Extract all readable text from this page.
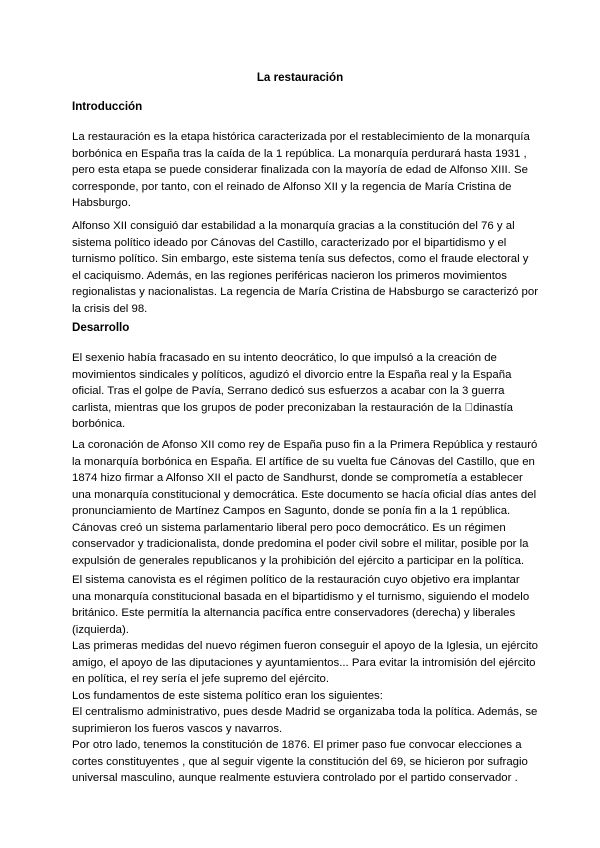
La restauración
Introducción
La restauración es la etapa histórica caracterizada por el restablecimiento de la monarquía
borbónica en España tras la caída de la 1 república. La monarquía perdurará hasta 1931 ,
pero esta etapa se puede considerar finalizada con la mayoría de edad de Alfonso XIII. Se
corresponde, por tanto, con el reinado de Alfonso XII y la regencia de María Cristina de
Habsburgo.
Alfonso XII consiguió dar estabilidad a la monarquía gracias a la constitución del 76 y al
sistema político ideado por Cánovas del Castillo, caracterizado por el bipartidismo y el
turnismo político. Sin embargo, este sistema tenía sus defectos, como el fraude electoral y
el caciquismo. Además, en las regiones periféricas nacieron los primeros movimientos
regionalistas y nacionalistas. La regencia de María Cristina de Habsburgo se caracterizó por
la crisis del 98.
Desarrollo
El sexenio había fracasado en su intento deocrático, lo que impulsó a la creación de
movimientos sindicales y políticos, agudizó el divorcio entre la España real y la España
oficial. Tras el golpe de Pavía, Serrano dedicó sus esfuerzos a acabar con la 3 guerra
carlista, mientras que los grupos de poder preconizaban la restauración de la  dinastía
borbónica.
La coronación de Afonso XII como rey de España puso fin a la Primera República y restauró
la monarquía borbónica en España. El artífice de su vuelta fue Cánovas del Castillo, que en
1874 hizo firmar a Alfonso XII el pacto de Sandhurst, donde se comprometía a establecer
una monarquía constitucional y democrática. Este documento se hacía oficial días antes del
pronunciamiento de Martínez Campos en Sagunto, donde se ponía fin a la 1 república.
Cánovas creó un sistema parlamentario liberal pero poco democrático. Es un régimen
conservador y tradicionalista, donde predomina el poder civil sobre el militar, posible por la
expulsión de generales republicanos y la prohibición del ejército a participar en la política.
El sistema canovista es el régimen político de la restauración cuyo objetivo era implantar
una monarquía constitucional basada en el bipartidismo y el turnismo, siguiendo el modelo
británico. Este permitía la alternancia pacífica entre conservadores (derecha) y liberales
(izquierda).
Las primeras medidas del nuevo régimen fueron conseguir el apoyo de la Iglesia, un ejército
amigo, el apoyo de las diputaciones y ayuntamientos... Para evitar la intromisión del ejército
en política, el rey sería el jefe supremo del ejército.
Los fundamentos de este sistema político eran los siguientes:
El centralismo administrativo, pues desde Madrid se organizaba toda la política. Además, se
suprimieron los fueros vascos y navarros.
Por otro lado, tenemos la constitución de 1876. El primer paso fue convocar elecciones a
cortes constituyentes , que al seguir vigente la constitución del 69, se hicieron por sufragio
universal masculino, aunque realmente estuviera controlado por el partido conservador .
